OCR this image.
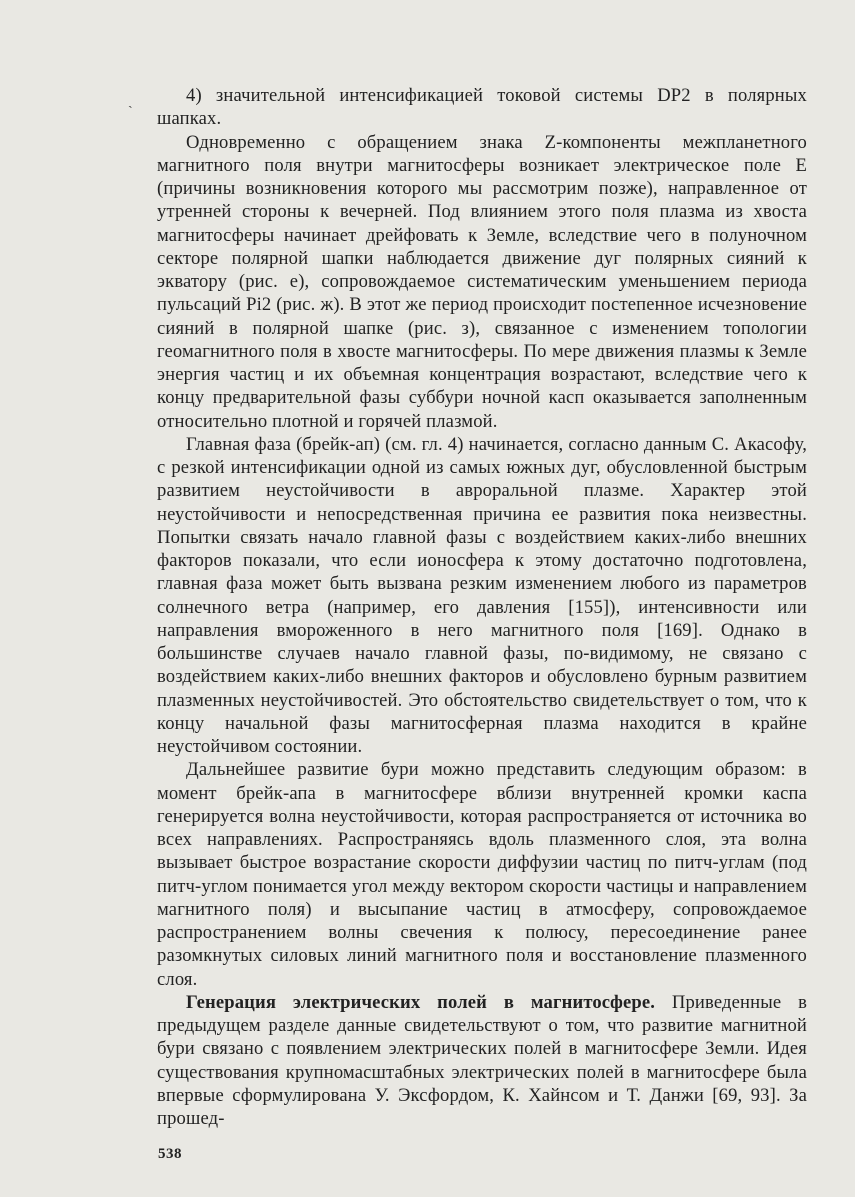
ˏ	4) значительной интенсификацией токовой системы DP2 в полярных шапках.

Одновременно с обращением знака Z-компоненты межпланетного магнитного поля внутри магнитосферы возникает электрическое поле E (причины возникновения которого мы рассмотрим позже), направленное от утренней стороны к вечерней. Под влиянием этого поля плазма из хвоста магнитосферы начинает дрейфовать к Земле, вследствие чего в полуночном секторе полярной шапки наблюдается движение дуг полярных сияний к экватору (рис. е), сопровождаемое систематическим уменьшением периода пульсаций Pi2 (рис. ж). В этот же период происходит постепенное исчезновение сияний в полярной шапке (рис. з), связанное с изменением топологии геомагнитного поля в хвосте магнитосферы. По мере движения плазмы к Земле энергия частиц и их объемная концентрация возрастают, вследствие чего к концу предварительной фазы суббури ночной касп оказывается заполненным относительно плотной и горячей плазмой.

Главная фаза (брейк-ап) (см. гл. 4) начинается, согласно данным С. Акасофу, с резкой интенсификации одной из самых южных дуг, обусловленной быстрым развитием неустойчивости в авроральной плазме. Характер этой неустойчивости и непосредственная причина ее развития пока неизвестны. Попытки связать начало главной фазы с воздействием каких-либо внешних факторов показали, что если ионосфера к этому достаточно подготовлена, главная фаза может быть вызвана резким изменением любого из параметров солнечного ветра (например, его давления [155]), интенсивности или направления вмороженного в него магнитного поля [169]. Однако в большинстве случаев начало главной фазы, по-видимому, не связано с воздействием каких-либо внешних факторов и обусловлено бурным развитием плазменных неустойчивостей. Это обстоятельство свидетельствует о том, что к концу начальной фазы магнитосферная плазма находится в крайне неустойчивом состоянии.

Дальнейшее развитие бури можно представить следующим образом: в момент брейк-апа в магнитосфере вблизи внутренней кромки каспа генерируется волна неустойчивости, которая распространяется от источника во всех направлениях. Распространяясь вдоль плазменного слоя, эта волна вызывает быстрое возрастание скорости диффузии частиц по питч-углам (под питч-углом понимается угол между вектором скорости частицы и направлением магнитного поля) и высыпание частиц в атмосферу, сопровождаемое распространением волны свечения к полюсу, пересоединение ранее разомкнутых силовых линий магнитного поля и восстановление плазменного слоя.

Генерация электрических полей в магнитосфере. Приведенные в предыдущем разделе данные свидетельствуют о том, что развитие магнитной бури связано с появлением электрических полей в магнитосфере Земли. Идея существования крупномасштабных электрических полей в магнитосфере была впервые сформулирована У. Эксфордом, К. Хайнсом и Т. Данжи [69, 93]. За прошед-

538
